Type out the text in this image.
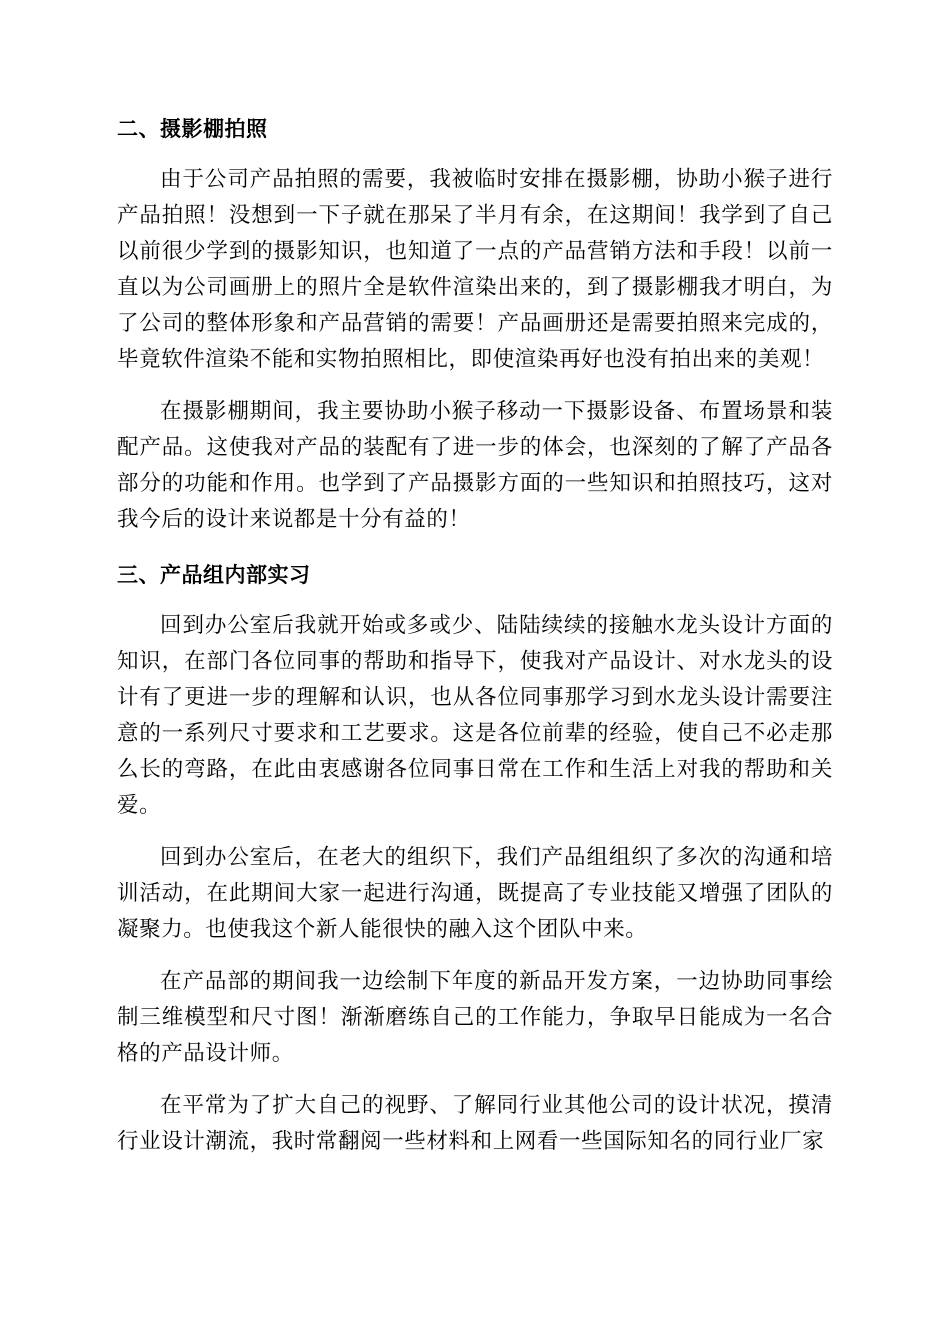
二、摄影棚拍照

由于公司产品拍照的需要，我被临时安排在摄影棚，协助小猴子进行产品拍照！没想到一下子就在那呆了半月有余，在这期间！我学到了自己以前很少学到的摄影知识，也知道了一点的产品营销方法和手段！以前一直以为公司画册上的照片全是软件渲染出来的，到了摄影棚我才明白，为了公司的整体形象和产品营销的需要！产品画册还是需要拍照来完成的，毕竟软件渲染不能和实物拍照相比，即使渲染再好也没有拍出来的美观！

在摄影棚期间，我主要协助小猴子移动一下摄影设备、布置场景和装配产品。这使我对产品的装配有了进一步的体会，也深刻的了解了产品各部分的功能和作用。也学到了产品摄影方面的一些知识和拍照技巧，这对我今后的设计来说都是十分有益的！

三、产品组内部实习

回到办公室后我就开始或多或少、陆陆续续的接触水龙头设计方面的知识，在部门各位同事的帮助和指导下，使我对产品设计、对水龙头的设计有了更进一步的理解和认识，也从各位同事那学习到水龙头设计需要注意的一系列尺寸要求和工艺要求。这是各位前辈的经验，使自己不必走那么长的弯路，在此由衷感谢各位同事日常在工作和生活上对我的帮助和关爱。

回到办公室后，在老大的组织下，我们产品组组织了多次的沟通和培训活动，在此期间大家一起进行沟通，既提高了专业技能又增强了团队的凝聚力。也使我这个新人能很快的融入这个团队中来。

在产品部的期间我一边绘制下年度的新品开发方案，一边协助同事绘制三维模型和尺寸图！渐渐磨练自己的工作能力，争取早日能成为一名合格的产品设计师。

在平常为了扩大自己的视野、了解同行业其他公司的设计状况，摸清行业设计潮流，我时常翻阅一些材料和上网看一些国际知名的同行业厂家
